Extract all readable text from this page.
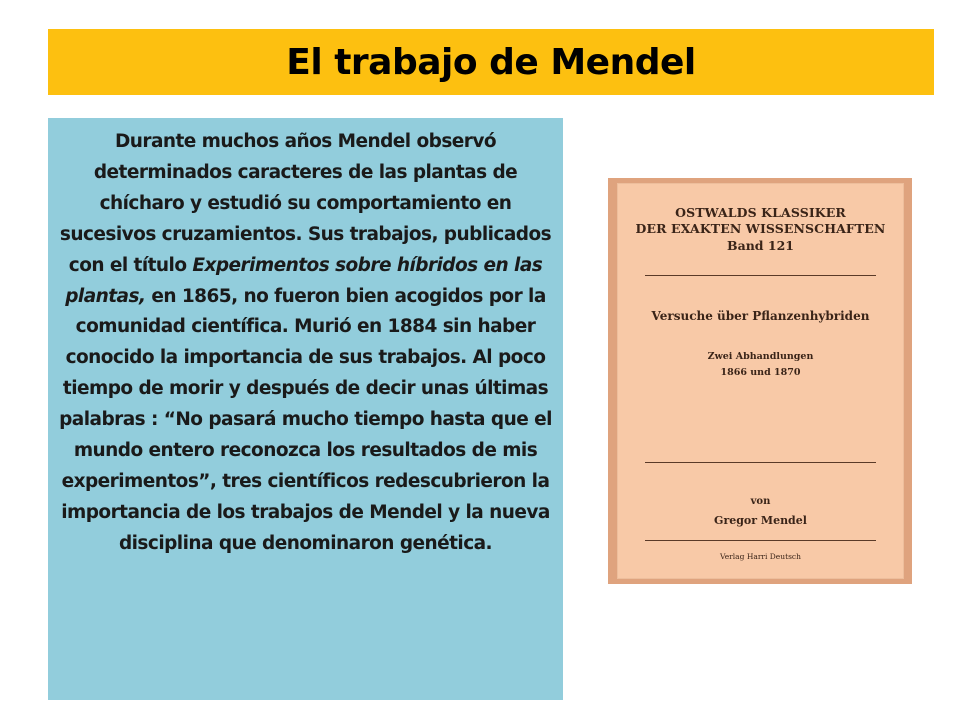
El trabajo de Mendel

Durante muchos años Mendel observó determinados caracteres de las plantas de chícharo y estudió su comportamiento en sucesivos cruzamientos. Sus trabajos, publicados con el título Experimentos sobre híbridos en las plantas, en 1865, no fueron bien acogidos por la comunidad científica. Murió en 1884 sin haber conocido la importancia de sus trabajos. Al poco tiempo de morir y después de decir unas últimas palabras : “No pasará mucho tiempo hasta que el mundo entero reconozca los resultados de mis experimentos”, tres científicos redescubrieron la importancia de los trabajos de Mendel y la nueva disciplina que denominaron genética.

OSTWALDS KLASSIKER
DER EXAKTEN WISSENSCHAFTEN
Band 121
Versuche über Pflanzenhybriden
Zwei Abhandlungen
1866 und 1870
von
Gregor Mendel
Verlag Harri Deutsch
